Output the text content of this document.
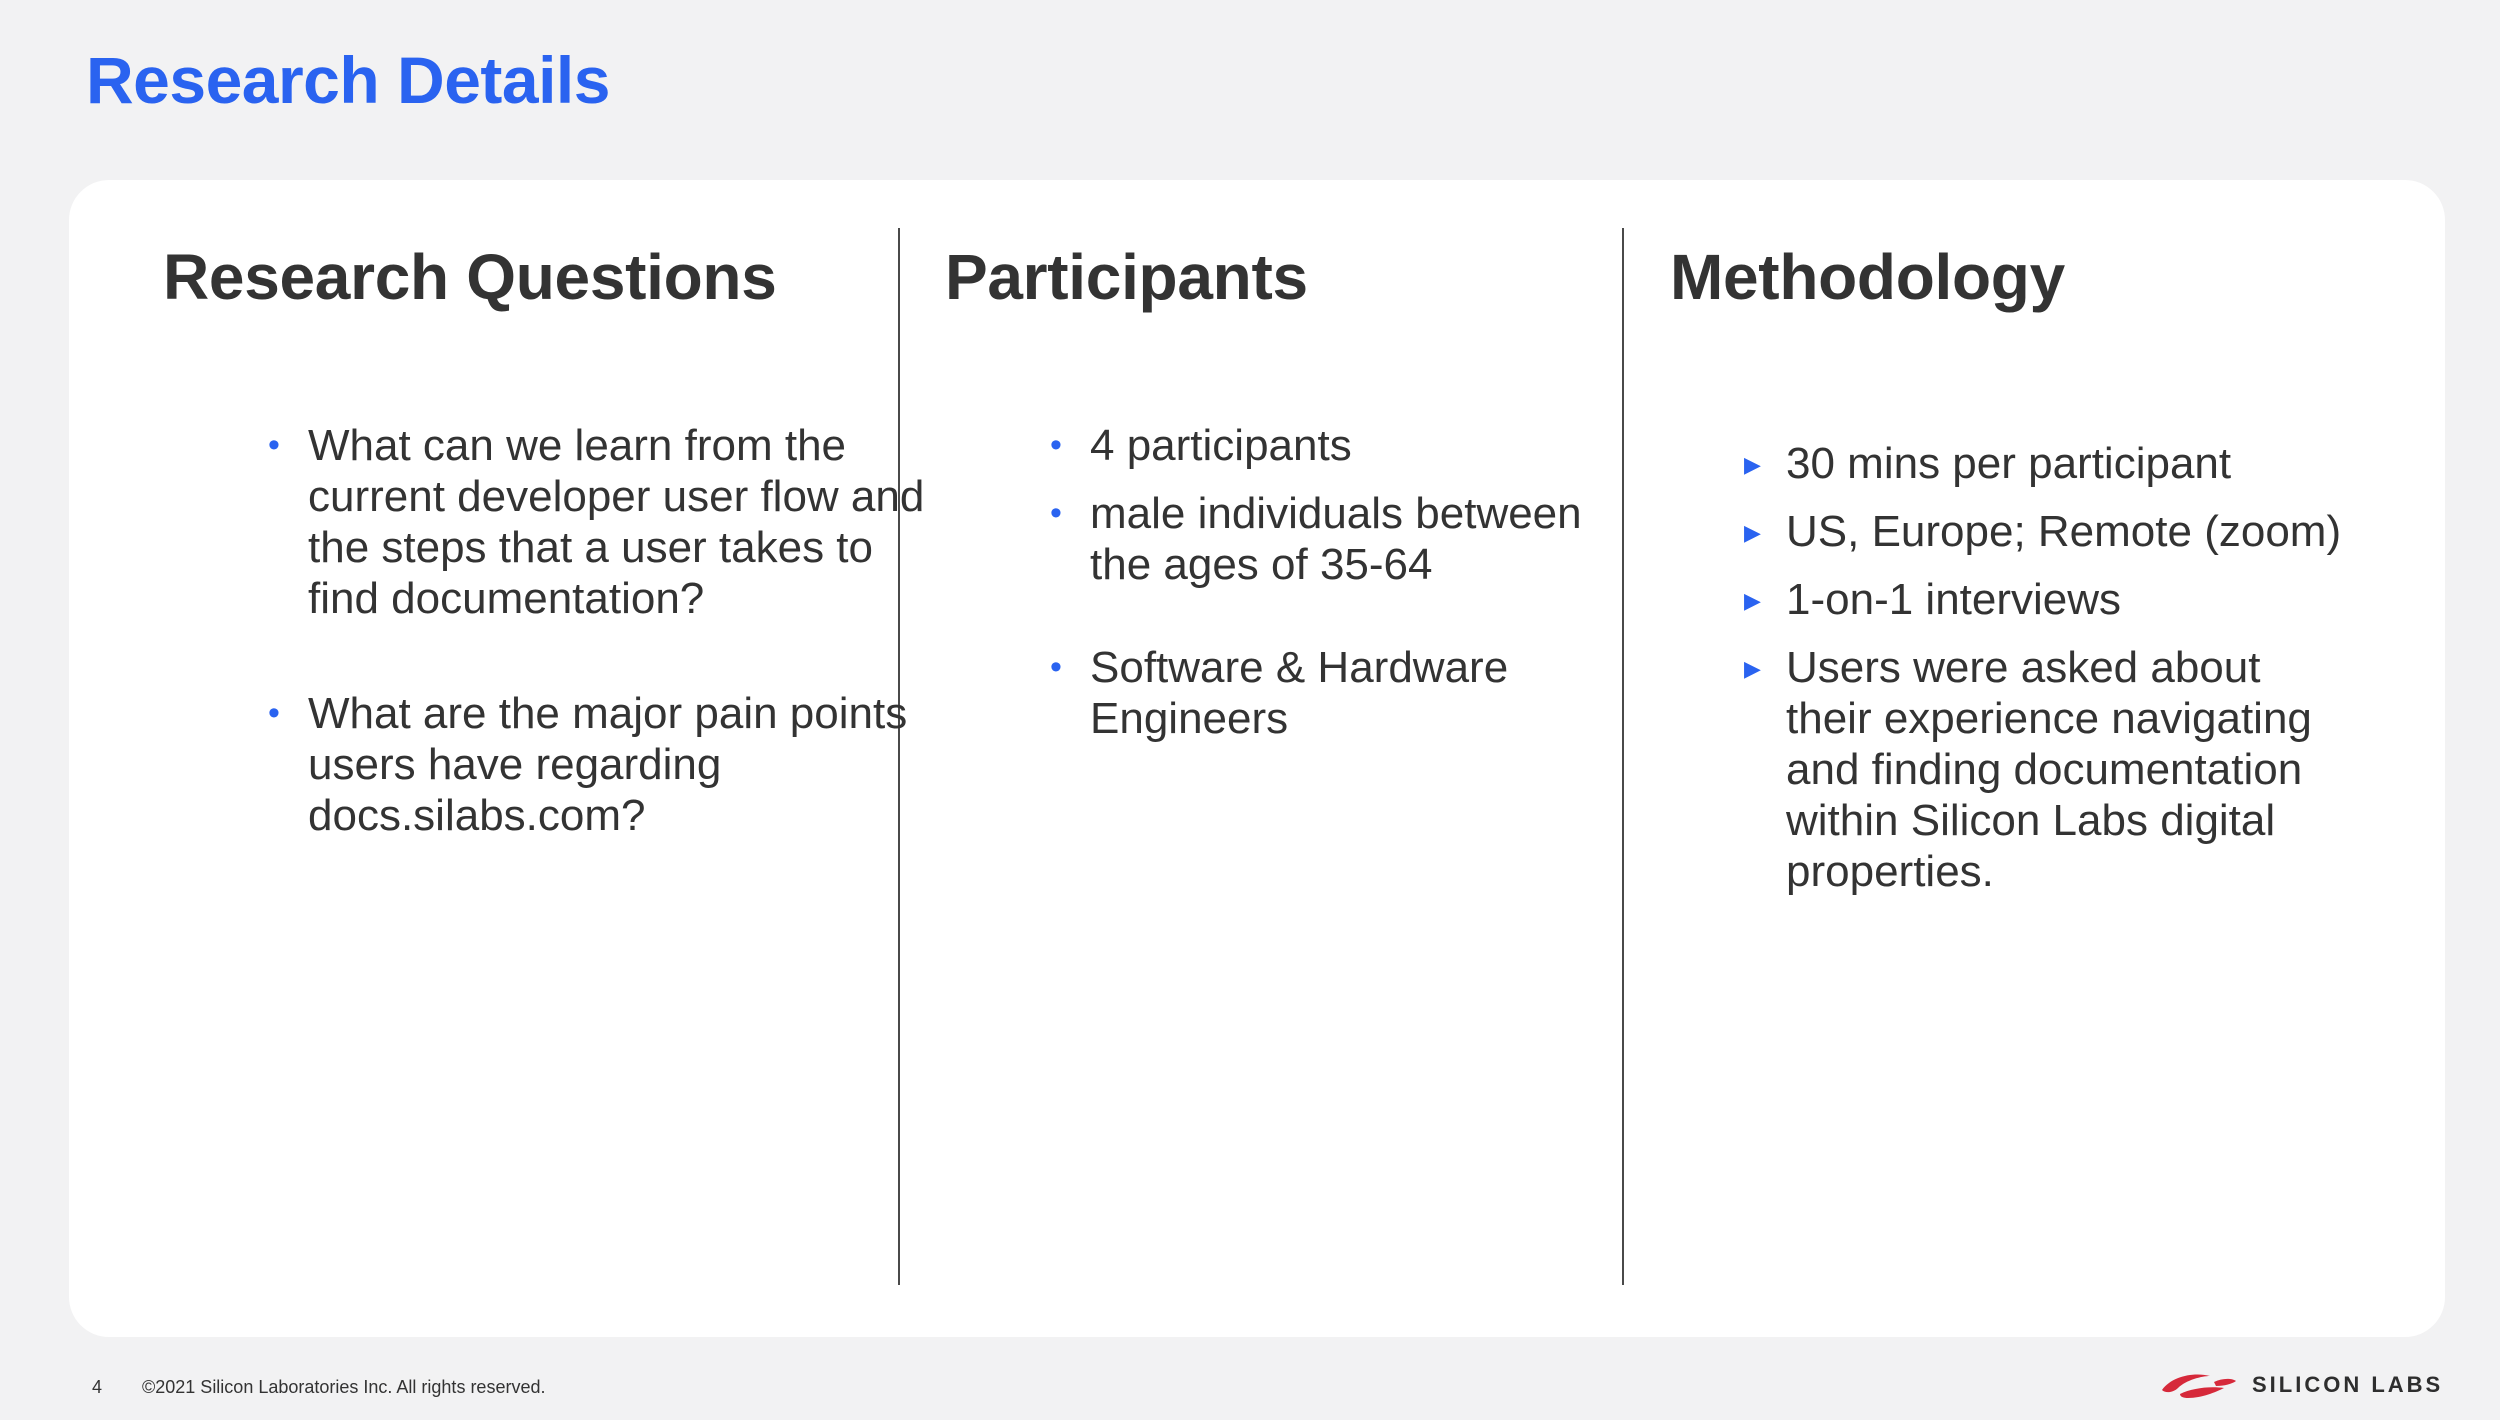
Research Details
Research Questions
• What can we learn from the current developer user flow and the steps that a user takes to find documentation?
• What are the major pain points users have regarding docs.silabs.com?
Participants
• 4 participants
• male individuals between the ages of 35-64
• Software & Hardware Engineers
Methodology
▶ 30 mins per participant
▶ US, Europe; Remote (zoom)
▶ 1-on-1 interviews
▶ Users were asked about their experience navigating and finding documentation within Silicon Labs digital properties.
4 ©2021 Silicon Laboratories Inc. All rights reserved.	SILICON LABS
